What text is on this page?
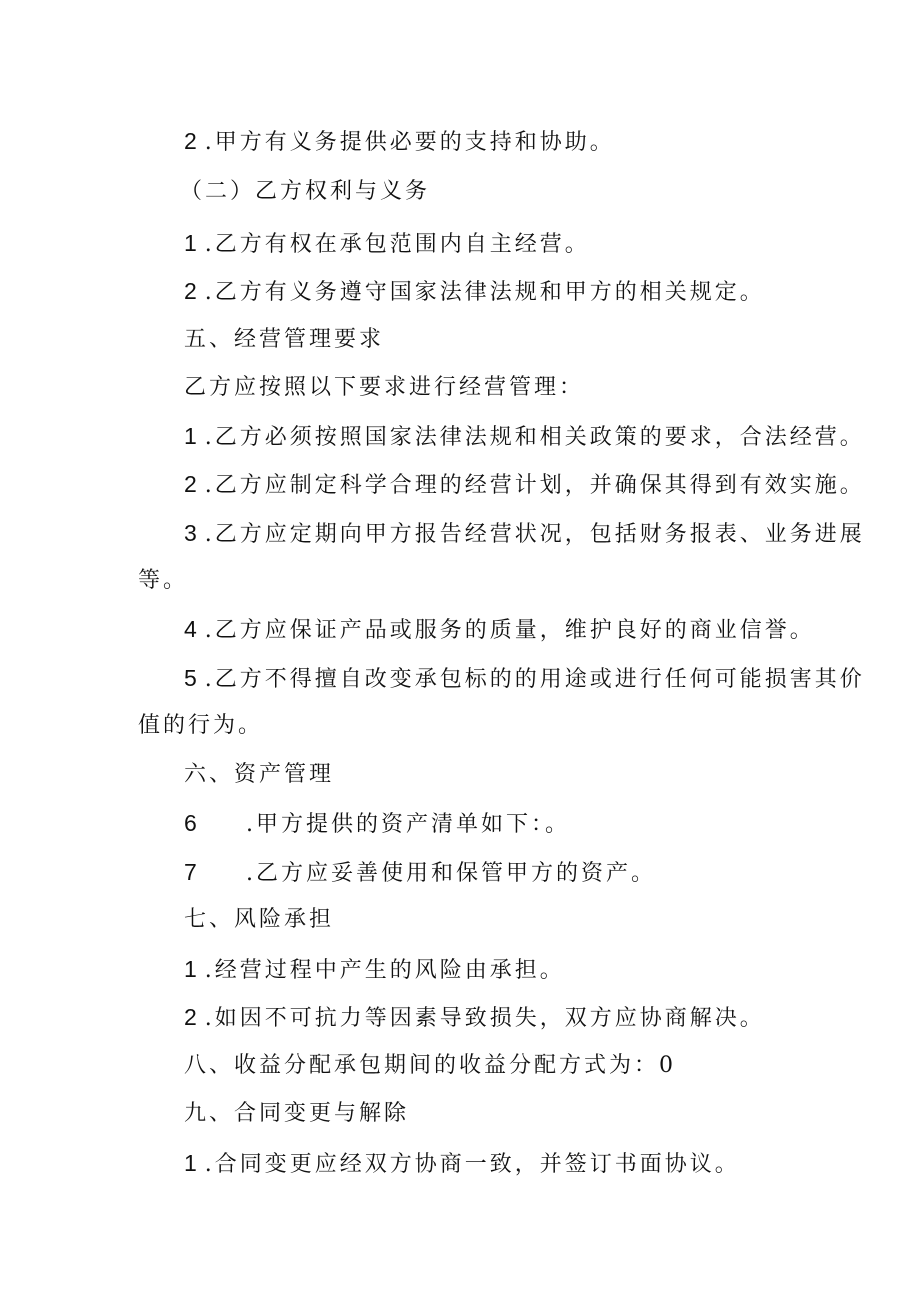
2 .甲方有义务提供必要的支持和协助。
（二）乙方权利与义务
1 .乙方有权在承包范围内自主经营。
2 .乙方有义务遵守国家法律法规和甲方的相关规定。
五、经营管理要求
乙方应按照以下要求进行经营管理：
1 .乙方必须按照国家法律法规和相关政策的要求，合法经营。
2 .乙方应制定科学合理的经营计划，并确保其得到有效实施。
3 .乙方应定期向甲方报告经营状况，包括财务报表、业务进展
等。
4 .乙方应保证产品或服务的质量，维护良好的商业信誉。
5 .乙方不得擅自改变承包标的的用途或进行任何可能损害其价
值的行为。
六、资产管理
6 .甲方提供的资产清单如下：。
7 .乙方应妥善使用和保管甲方的资产。
七、风险承担
1 .经营过程中产生的风险由承担。
2 .如因不可抗力等因素导致损失，双方应协商解决。
八、收益分配承包期间的收益分配方式为：0
九、合同变更与解除
1 .合同变更应经双方协商一致，并签订书面协议。
